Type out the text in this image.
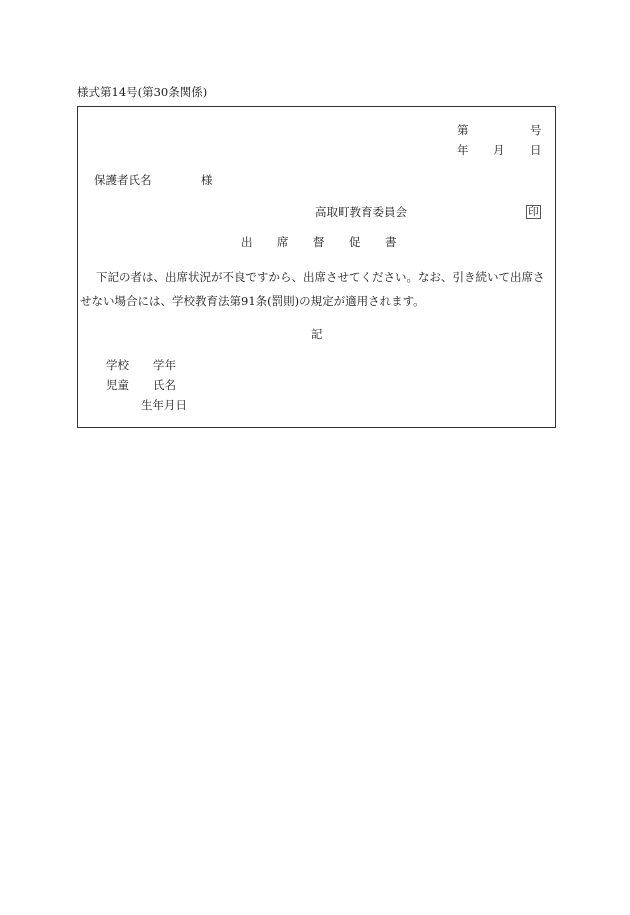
様式第14号(第30条関係)
第	号
年 月 日
保護者氏名	様
高取町教育委員会	印
出 席 督 促 書
下記の者は、出席状況が不良ですから、出席させてください。なお、引き続いて出席させない場合には、学校教育法第91条(罰則)の規定が適用されます。
記
学校 学年
児童 氏名
生年月日
